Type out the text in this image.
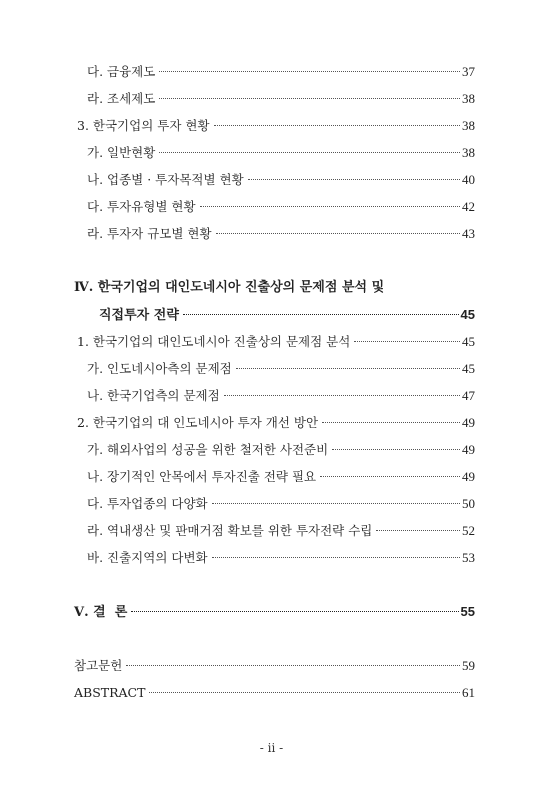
다. 금융제도	37
라. 조세제도	38
3. 한국기업의 투자 현황	38
가. 일반현황	38
나. 업종별 · 투자목적별 현황	40
다. 투자유형별 현황	42
라. 투자자 규모별 현황	43
Ⅳ. 한국기업의 대인도네시아 진출상의 문제점 분석 및
직접투자 전략	45
1. 한국기업의 대인도네시아 진출상의 문제점 분석	45
가. 인도네시아측의 문제점	45
나. 한국기업측의 문제점	47
2. 한국기업의 대 인도네시아 투자 개선 방안	49
가. 해외사업의 성공을 위한 철저한 사전준비	49
나. 장기적인 안목에서 투자진출 전략 필요	49
다. 투자업종의 다양화	50
라. 역내생산 및 판매거점 확보를 위한 투자전략 수립	52
바. 진출지역의 다변화	53
Ⅴ. 결  론	55
참고문헌	59
ABSTRACT	61
- ii -
